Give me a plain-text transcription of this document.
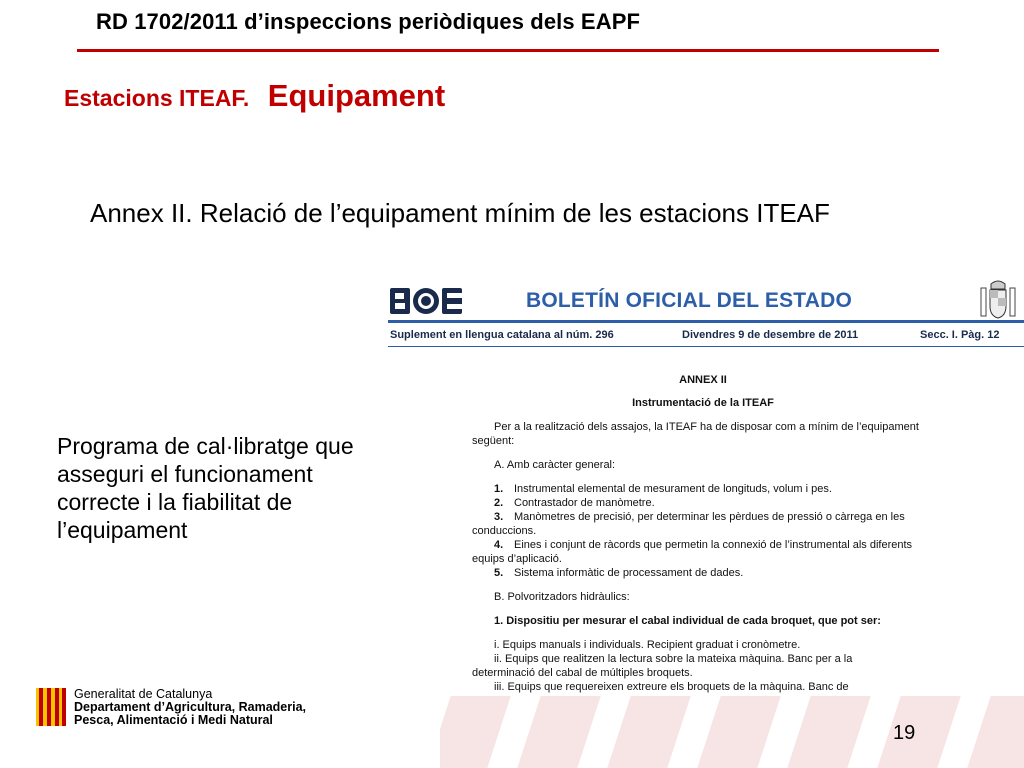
RD 1702/2011 d’inspeccions periòdiques dels EAPF
Estacions ITEAF. Equipament
Annex II. Relació de l’equipament mínim de les estacions ITEAF
Programa de cal·libratge que
asseguri el funcionament
correcte i la fiabilitat de
l’equipament
BOLETÍN OFICIAL DEL ESTADO
Suplement en llengua catalana al núm. 296	Divendres 9 de desembre de 2011	Secc. I. Pàg. 12
ANNEX II
Instrumentació de la ITEAF
Per a la realització dels assajos, la ITEAF ha de disposar com a mínim de l’equipament
següent:
A. Amb caràcter general:
1. Instrumental elemental de mesurament de longituds, volum i pes.
2. Contrastador de manòmetre.
3. Manòmetres de precisió, per determinar les pèrdues de pressió o càrrega en les
conduccions.
4. Eines i conjunt de ràcords que permetin la connexió de l’instrumental als diferents
equips d’aplicació.
5. Sistema informàtic de processament de dades.
B. Polvoritzadors hidràulics:
1. Dispositiu per mesurar el cabal individual de cada broquet, que pot ser:
i. Equips manuals i individuals. Recipient graduat i cronòmetre.
ii. Equips que realitzen la lectura sobre la mateixa màquina. Banc per a la
determinació del cabal de múltiples broquets.
iii. Equips que requereixen extreure els broquets de la màquina. Banc de
Generalitat de Catalunya
Departament d’Agricultura, Ramaderia,
Pesca, Alimentació i Medi Natural
19
